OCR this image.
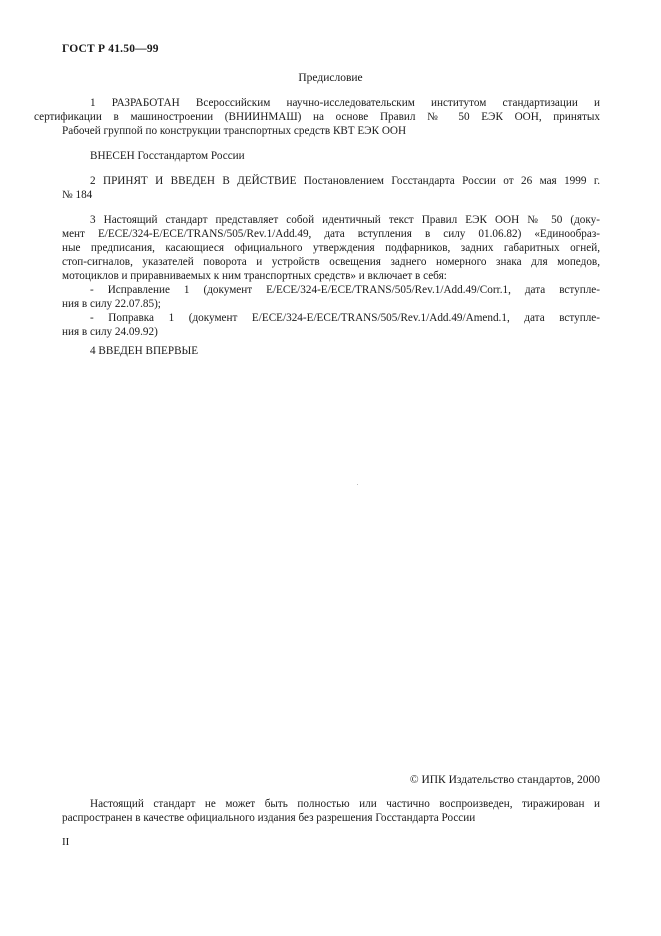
ГОСТ Р 41.50—99
Предисловие

1 РАЗРАБОТАН Всероссийским научно-исследовательским институтом стандартизации и
сертификации в машиностроении (ВНИИНМАШ) на основе Правил № 50 ЕЭК ООН, принятых
Рабочей группой по конструкции транспортных средств КВТ ЕЭК ООН

ВНЕСЕН Госстандартом России

2 ПРИНЯТ И ВВЕДЕН В ДЕЙСТВИЕ Постановлением Госстандарта России от 26 мая 1999 г.
№ 184

3 Настоящий стандарт представляет собой идентичный текст Правил ЕЭК ООН № 50 (доку-
мент E/ECE/324-E/ECE/TRANS/505/Rev.1/Add.49, дата вступления в силу 01.06.82) «Единообраз-
ные предписания, касающиеся официального утверждения подфарников, задних габаритных огней,
стоп-сигналов, указателей поворота и устройств освещения заднего номерного знака для мопедов,
мотоциклов и приравниваемых к ним транспортных средств» и включает в себя:

- Исправление 1 (документ E/ECE/324-E/ECE/TRANS/505/Rev.1/Add.49/Corr.1, дата вступле-
ния в силу 22.07.85);

- Поправка 1 (документ E/ECE/324-E/ECE/TRANS/505/Rev.1/Add.49/Amend.1, дата вступле-
ния в силу 24.09.92)

4 ВВЕДЕН ВПЕРВЫЕ

© ИПК Издательство стандартов, 2000

Настоящий стандарт не может быть полностью или частично воспроизведен, тиражирован и
распространен в качестве официального издания без разрешения Госстандарта России

II
